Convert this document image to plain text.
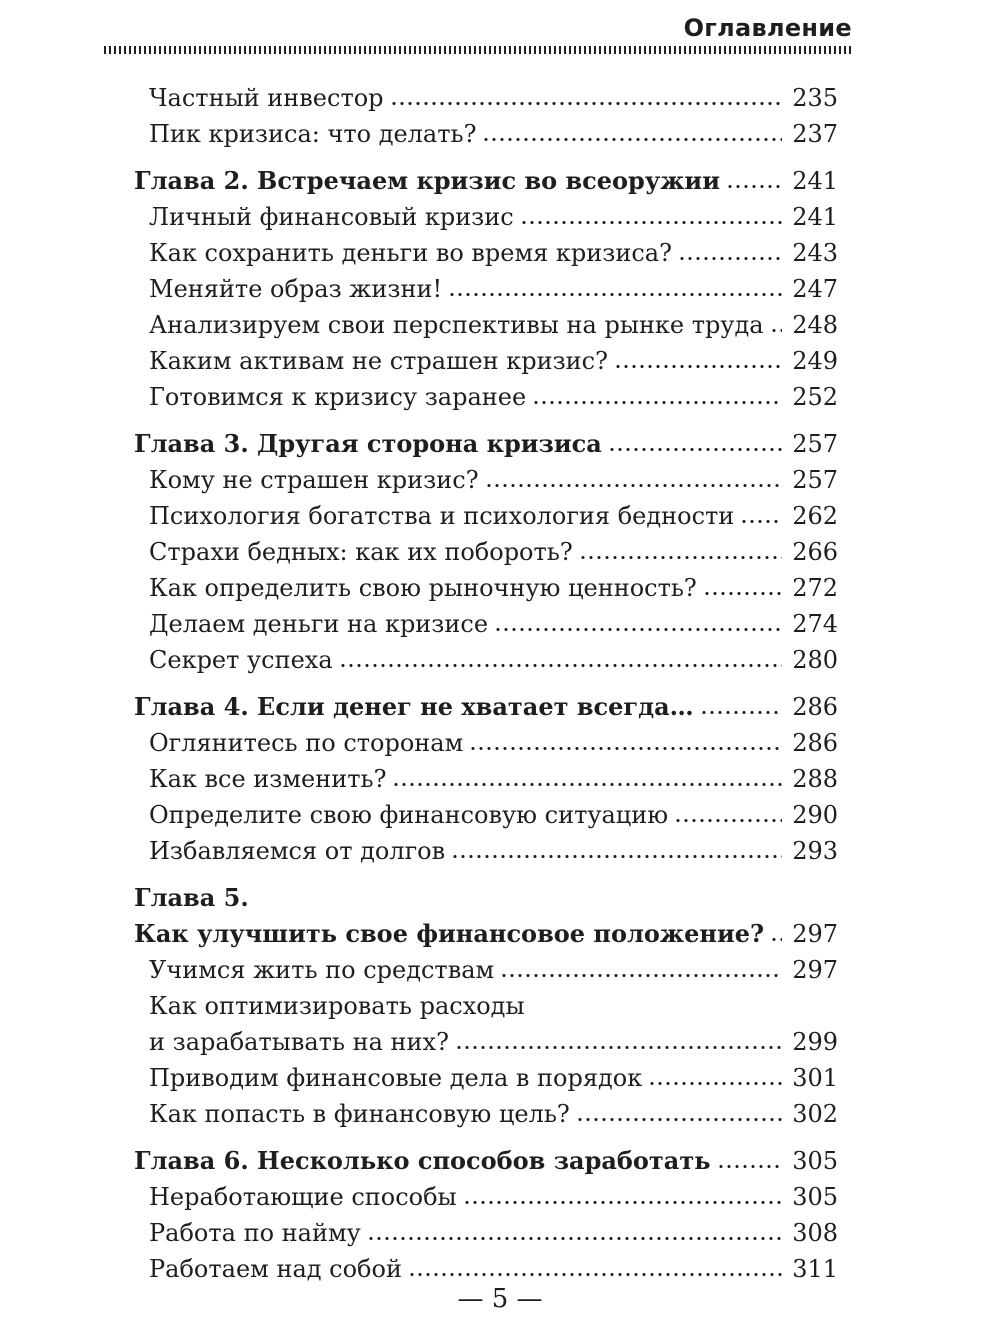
Оглавление
Частный инвестор	235
Пик кризиса: что делать?	237
Глава 2. Встречаем кризис во всеоружии	241
Личный финансовый кризис	241
Как сохранить деньги во время кризиса?	243
Меняйте образ жизни!	247
Анализируем свои перспективы на рынке труда 248
Каким активам не страшен кризис?	249
Готовимся к кризису заранее	252
Глава 3. Другая сторона кризиса	257
Кому не страшен кризис?	257
Психология богатства и психология бедности 262
Страхи бедных: как их побороть?	266
Как определить свою рыночную ценность?	272
Делаем деньги на кризисе	274
Секрет успеха	280
Глава 4. Если денег не хватает всегда…	286
Оглянитесь по сторонам	286
Как все изменить?	288
Определите свою финансовую ситуацию	290
Избавляемся от долгов	293
Глава 5.
Как улучшить свое финансовое положение? 297
Учимся жить по средствам	297
Как оптимизировать расходы
и зарабатывать на них?	299
Приводим финансовые дела в порядок	301
Как попасть в финансовую цель?	302
Глава 6. Несколько способов заработать	305
Неработающие способы	305
Работа по найму	308
Работаем над собой	311
— 5 —
